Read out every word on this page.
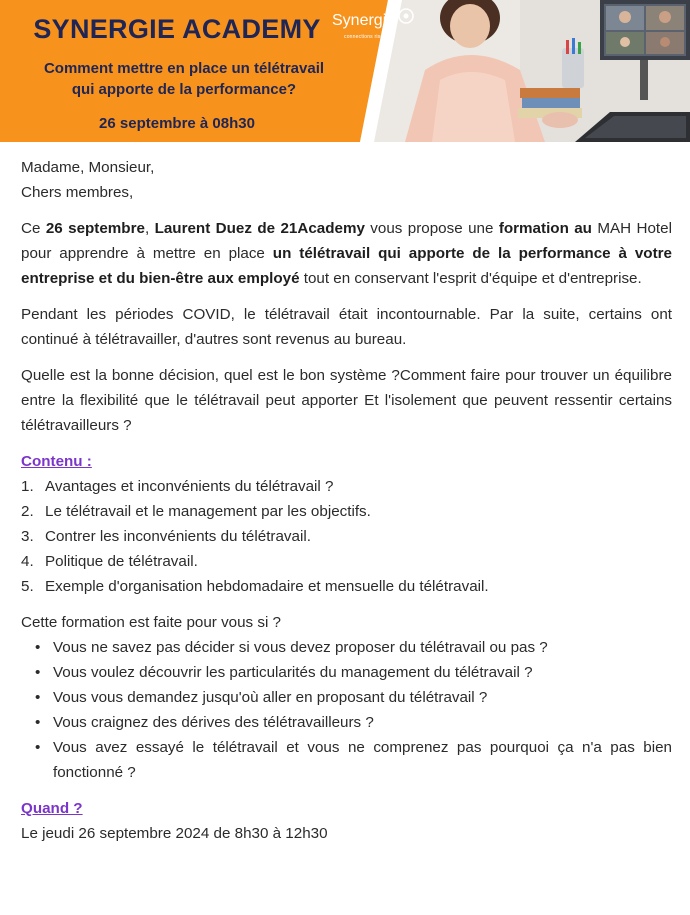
SYNERGIE ACADEMY
Comment mettre en place un télétravail
qui apporte de la performance?
26 septembre à 08h30
Synergie
connections rises

Madame, Monsieur,

Chers membres,

Ce 26 septembre, Laurent Duez de 21Academy vous propose une formation au MAH Hotel pour apprendre à mettre en place un télétravail qui apporte de la performance à votre entreprise et du bien-être aux employé tout en conservant l'esprit d'équipe et d'entreprise.

Pendant les périodes COVID, le télétravail était incontournable. Par la suite, certains ont continué à télétravailler, d'autres sont revenus au bureau.

Quelle est la bonne décision, quel est le bon système ?Comment faire pour trouver un équilibre entre la flexibilité que le télétravail peut apporter Et l'isolement que peuvent ressentir certains télétravailleurs ?

Contenu :

1. Avantages et inconvénients du télétravail ?
2. Le télétravail et le management par les objectifs.
3. Contrer les inconvénients du télétravail.
4. Politique de télétravail.
5. Exemple d'organisation hebdomadaire et mensuelle du télétravail.

Cette formation est faite pour vous si ?

• Vous ne savez pas décider si vous devez proposer du télétravail ou pas ?
• Vous voulez découvrir les particularités du management du télétravail ?
• Vous vous demandez jusqu'où aller en proposant du télétravail ?
• Vous craignez des dérives des télétravailleurs ?
• Vous avez essayé le télétravail et vous ne comprenez pas pourquoi ça n'a pas bien fonctionné ?

Quand ?

Le jeudi 26 septembre 2024 de 8h30 à 12h30
